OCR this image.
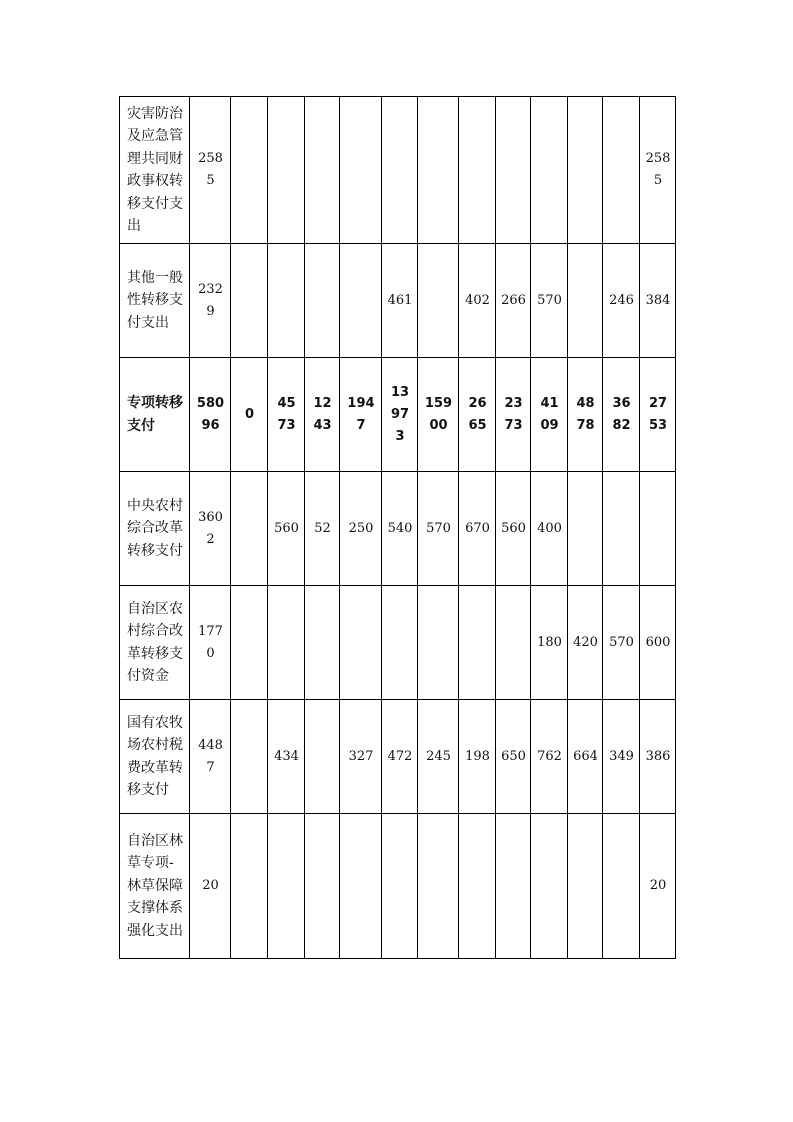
灾害防治及应急管理共同财政事权转移支付支出	2585												2585

其他一般性转移支付支出	2329					461		402	266	570		246	384

专项转移支付	58096	0	4573	1243	1947	13973	15900	2665	2373	4109	4878	3682	2753

中央农村综合改革转移支付	3602		560	52	250	540	570	670	560	400			

自治区农村综合改革转移支付资金	1770									180	420	570	600

国有农牧场农村税费改革转移支付	4487		434		327	472	245	198	650	762	664	349	386

自治区林草专项-林草保障支撑体系强化支出	20												20
